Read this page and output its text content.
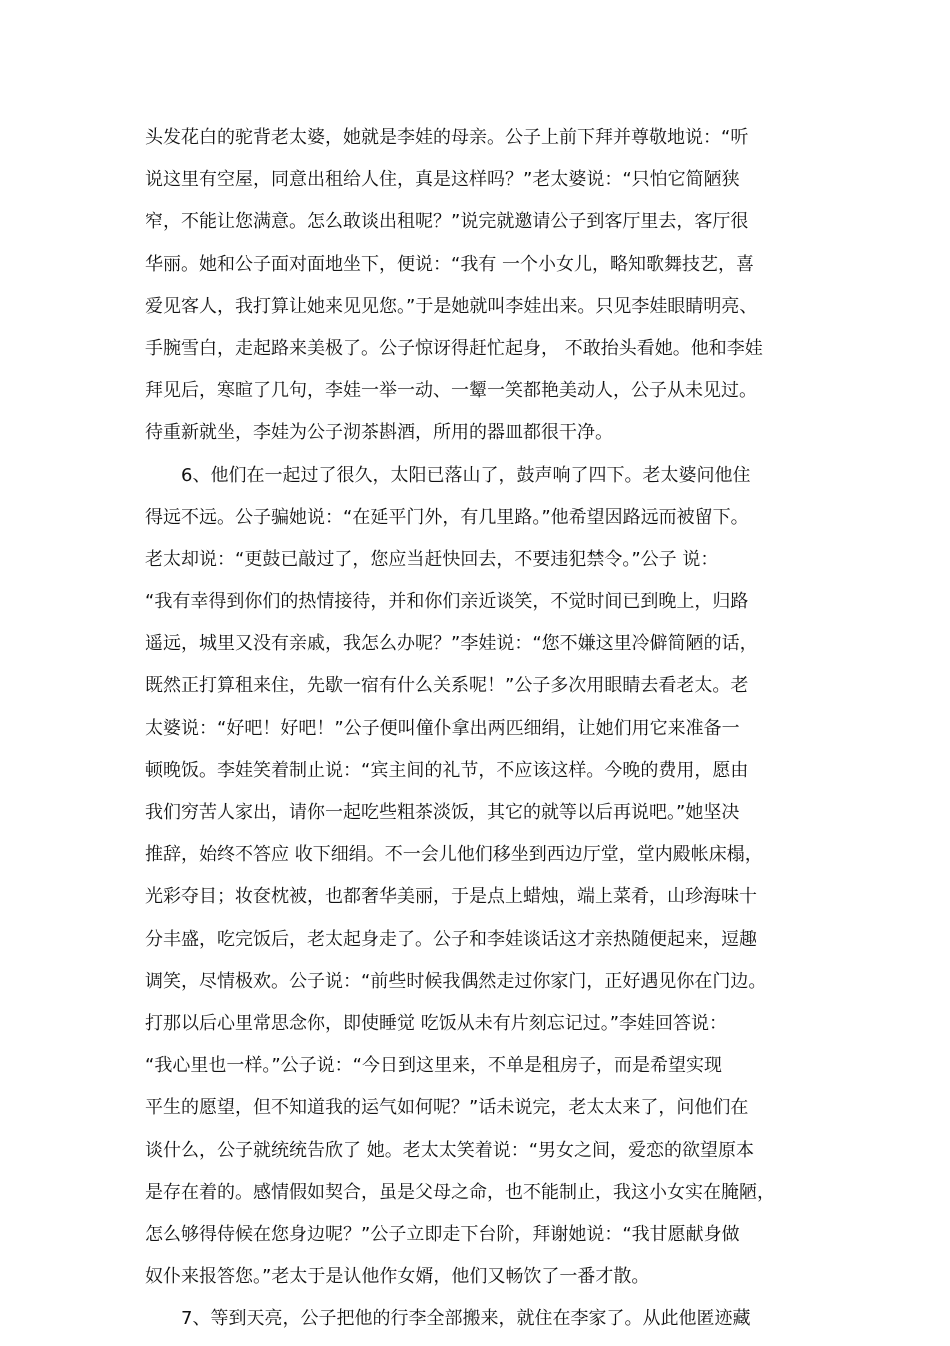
头发花白的驼背老太婆，她就是李娃的母亲。公子上前下拜并尊敬地说：“听
说这里有空屋，同意出租给人住，真是这样吗？”老太婆说：“只怕它简陋狭
窄，不能让您满意。怎么敢谈出租呢？”说完就邀请公子到客厅里去，客厅很
华丽。她和公子面对面地坐下，便说：“我有 一个小女儿，略知歌舞技艺，喜
爱见客人，我打算让她来见见您。”于是她就叫李娃出来。只见李娃眼睛明亮、
手腕雪白，走起路来美极了。公子惊讶得赶忙起身， 不敢抬头看她。他和李娃
拜见后，寒暄了几句，李娃一举一动、一颦一笑都艳美动人，公子从未见过。
待重新就坐，李娃为公子沏茶斟酒，所用的器皿都很干净。
　　6、他们在一起过了很久，太阳已落山了，鼓声响了四下。老太婆问他住
得远不远。公子骗她说：“在延平门外，有几里路。”他希望因路远而被留下。
老太却说：“更鼓已敲过了，您应当赶快回去，不要违犯禁令。”公子 说：
“我有幸得到你们的热情接待，并和你们亲近谈笑，不觉时间已到晚上，归路
遥远，城里又没有亲戚，我怎么办呢？”李娃说：“您不嫌这里冷僻简陋的话，
既然正打算租来住，先歇一宿有什么关系呢！”公子多次用眼睛去看老太。老
太婆说：“好吧！好吧！”公子便叫僮仆拿出两匹细绢，让她们用它来准备一
顿晚饭。李娃笑着制止说：“宾主间的礼节，不应该这样。今晚的费用，愿由
我们穷苦人家出，请你一起吃些粗茶淡饭，其它的就等以后再说吧。”她坚决
推辞，始终不答应 收下细绢。不一会儿他们移坐到西边厅堂，堂内殿帐床榻，
光彩夺目；妆奁枕被，也都奢华美丽，于是点上蜡烛，端上菜肴，山珍海味十
分丰盛，吃完饭后，老太起身走了。公子和李娃谈话这才亲热随便起来，逗趣
调笑，尽情极欢。公子说：“前些时候我偶然走过你家门，正好遇见你在门边。
打那以后心里常思念你，即使睡觉 吃饭从未有片刻忘记过。”李娃回答说：
“我心里也一样。”公子说：“今日到这里来，不单是租房子，而是希望实现
平生的愿望，但不知道我的运气如何呢？”话未说完，老太太来了，问他们在
谈什么，公子就统统告欣了 她。老太太笑着说：“男女之间，爱恋的欲望原本
是存在着的。感情假如契合，虽是父母之命，也不能制止，我这小女实在腌陋，
怎么够得侍候在您身边呢？”公子立即走下台阶，拜谢她说：“我甘愿献身做
奴仆来报答您。”老太于是认他作女婿，他们又畅饮了一番才散。
　　7、等到天亮，公子把他的行李全部搬来，就住在李家了。从此他匿迹藏
